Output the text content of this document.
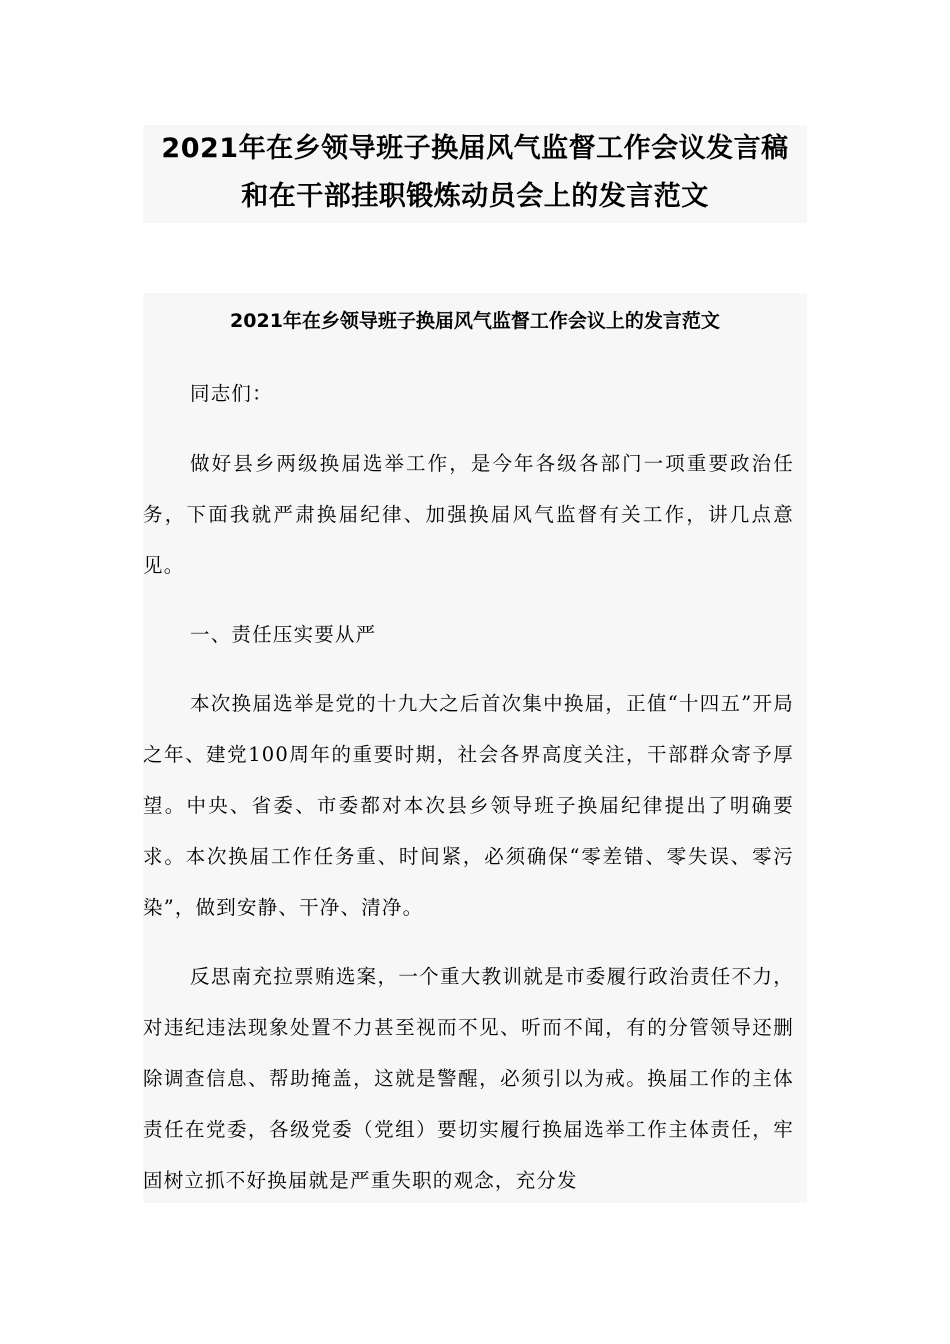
2021年在乡领导班子换届风气监督工作会议发言稿
和在干部挂职锻炼动员会上的发言范文
2021年在乡领导班子换届风气监督工作会议上的发言范文

同志们：

做好县乡两级换届选举工作，是今年各级各部门一项重要政治任务，下面我就严肃换届纪律、加强换届风气监督有关工作，讲几点意见。

一、责任压实要从严

本次换届选举是党的十九大之后首次集中换届，正值“十四五”开局之年、建党100周年的重要时期，社会各界高度关注，干部群众寄予厚望。中央、省委、市委都对本次县乡领导班子换届纪律提出了明确要求。本次换届工作任务重、时间紧，必须确保“零差错、零失误、零污染”，做到安静、干净、清净。

反思南充拉票贿选案，一个重大教训就是市委履行政治责任不力，对违纪违法现象处置不力甚至视而不见、听而不闻，有的分管领导还删除调查信息、帮助掩盖，这就是警醒，必须引以为戒。换届工作的主体责任在党委，各级党委（党组）要切实履行换届选举工作主体责任，牢固树立抓不好换届就是严重失职的观念，充分发
